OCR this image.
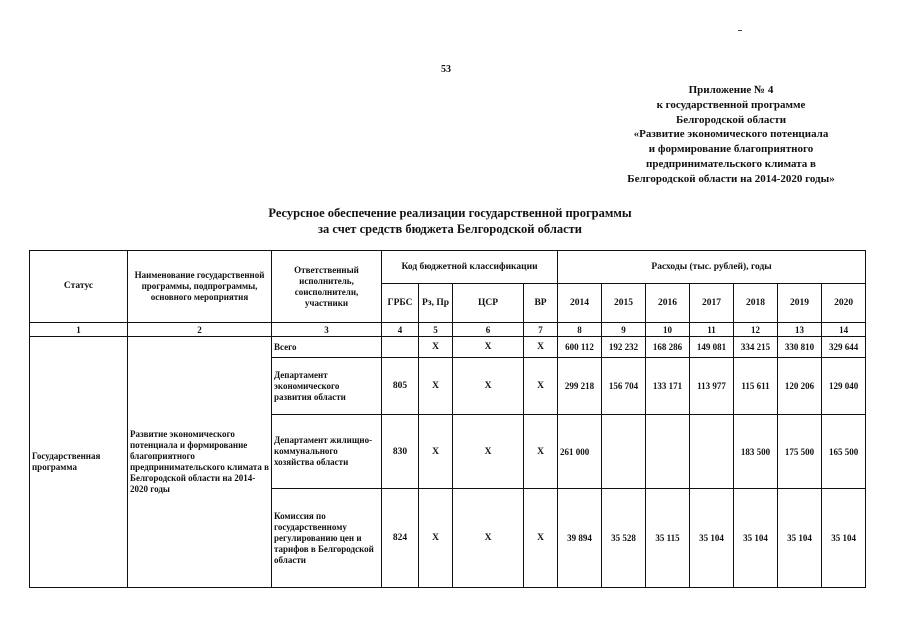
53
Приложение № 4
к государственной программе
Белгородской области
«Развитие экономического потенциала
и формирование благоприятного
предпринимательского климата в
Белгородской области на 2014-2020 годы»
Ресурсное обеспечение реализации государственной программы
за счет средств бюджета Белгородской области
Статус	Наименование государственной программы, подпрограммы, основного мероприятия	Ответственный исполнитель, соисполнители, участники	Код бюджетной классификации				Расходы (тыс. рублей), годы						
			ГРБС	Рз, Пр	ЦСР	ВР	2014	2015	2016	2017	2018	2019	2020
1	2	3	4	5	6	7	8	9	10	11	12	13	14
Государственная программа	Развитие экономического потенциала и формирование благоприятного предпринимательского климата в Белгородской области на 2014-2020 годы	Всего		X	X	X	600 112	192 232	168 286	149 081	334 215	330 810	329 644
		Департамент экономического развития области	805	X	X	X	299 218	156 704	133 171	113 977	115 611	120 206	129 040
		Департамент жилищно-коммунального хозяйства области	830	X	X	X	261 000				183 500	175 500	165 500
		Комиссия по государственному регулированию цен и тарифов в Белгородской области	824	X	X	X	39 894	35 528	35 115	35 104	35 104	35 104	35 104
